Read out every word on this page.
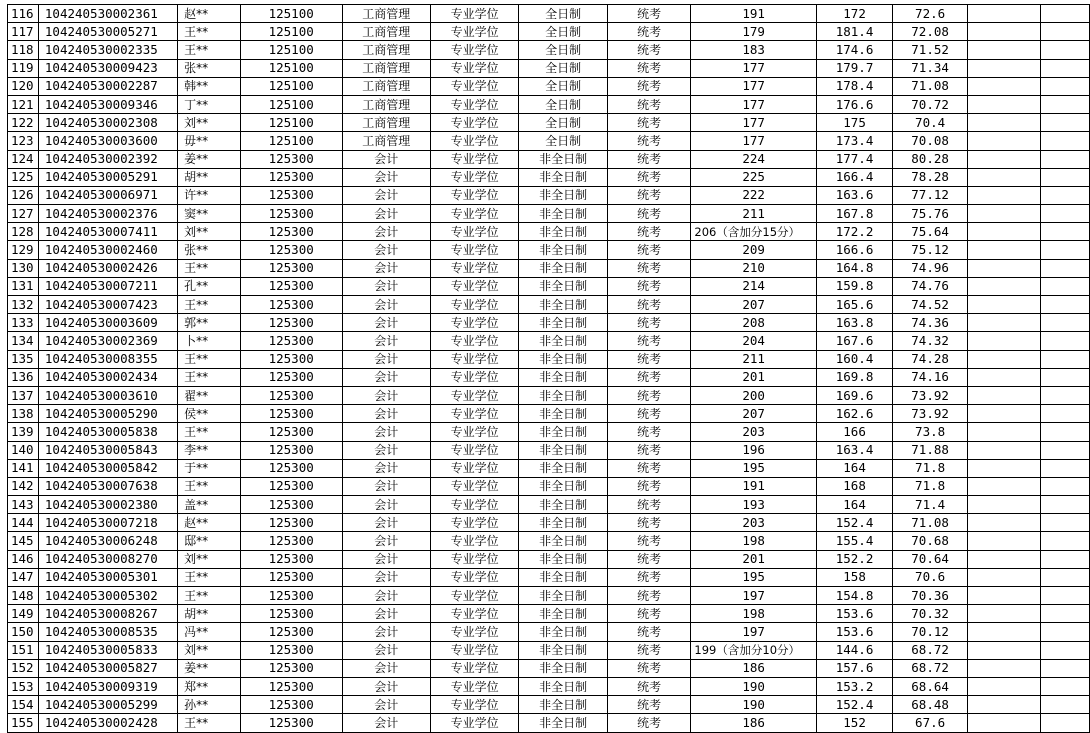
116	104240530002361	赵**	125100	工商管理	专业学位	全日制	统考	191	172	72.6		
117	104240530005271	王**	125100	工商管理	专业学位	全日制	统考	179	181.4	72.08		
118	104240530002335	王**	125100	工商管理	专业学位	全日制	统考	183	174.6	71.52		
119	104240530009423	张**	125100	工商管理	专业学位	全日制	统考	177	179.7	71.34		
120	104240530002287	韩**	125100	工商管理	专业学位	全日制	统考	177	178.4	71.08		
121	104240530009346	丁**	125100	工商管理	专业学位	全日制	统考	177	176.6	70.72		
122	104240530002308	刘**	125100	工商管理	专业学位	全日制	统考	177	175	70.4		
123	104240530003600	毋**	125100	工商管理	专业学位	全日制	统考	177	173.4	70.08		
124	104240530002392	姜**	125300	会计	专业学位	非全日制	统考	224	177.4	80.28		
125	104240530005291	胡**	125300	会计	专业学位	非全日制	统考	225	166.4	78.28		
126	104240530006971	许**	125300	会计	专业学位	非全日制	统考	222	163.6	77.12		
127	104240530002376	窦**	125300	会计	专业学位	非全日制	统考	211	167.8	75.76		
128	104240530007411	刘**	125300	会计	专业学位	非全日制	统考	206（含加分15分）	172.2	75.64		
129	104240530002460	张**	125300	会计	专业学位	非全日制	统考	209	166.6	75.12		
130	104240530002426	王**	125300	会计	专业学位	非全日制	统考	210	164.8	74.96		
131	104240530007211	孔**	125300	会计	专业学位	非全日制	统考	214	159.8	74.76		
132	104240530007423	王**	125300	会计	专业学位	非全日制	统考	207	165.6	74.52		
133	104240530003609	郭**	125300	会计	专业学位	非全日制	统考	208	163.8	74.36		
134	104240530002369	卜**	125300	会计	专业学位	非全日制	统考	204	167.6	74.32		
135	104240530008355	王**	125300	会计	专业学位	非全日制	统考	211	160.4	74.28		
136	104240530002434	王**	125300	会计	专业学位	非全日制	统考	201	169.8	74.16		
137	104240530003610	翟**	125300	会计	专业学位	非全日制	统考	200	169.6	73.92		
138	104240530005290	侯**	125300	会计	专业学位	非全日制	统考	207	162.6	73.92		
139	104240530005838	王**	125300	会计	专业学位	非全日制	统考	203	166	73.8		
140	104240530005843	李**	125300	会计	专业学位	非全日制	统考	196	163.4	71.88		
141	104240530005842	于**	125300	会计	专业学位	非全日制	统考	195	164	71.8		
142	104240530007638	王**	125300	会计	专业学位	非全日制	统考	191	168	71.8		
143	104240530002380	盖**	125300	会计	专业学位	非全日制	统考	193	164	71.4		
144	104240530007218	赵**	125300	会计	专业学位	非全日制	统考	203	152.4	71.08		
145	104240530006248	邸**	125300	会计	专业学位	非全日制	统考	198	155.4	70.68		
146	104240530008270	刘**	125300	会计	专业学位	非全日制	统考	201	152.2	70.64		
147	104240530005301	王**	125300	会计	专业学位	非全日制	统考	195	158	70.6		
148	104240530005302	王**	125300	会计	专业学位	非全日制	统考	197	154.8	70.36		
149	104240530008267	胡**	125300	会计	专业学位	非全日制	统考	198	153.6	70.32		
150	104240530008535	冯**	125300	会计	专业学位	非全日制	统考	197	153.6	70.12		
151	104240530005833	刘**	125300	会计	专业学位	非全日制	统考	199（含加分10分）	144.6	68.72		
152	104240530005827	姜**	125300	会计	专业学位	非全日制	统考	186	157.6	68.72		
153	104240530009319	郑**	125300	会计	专业学位	非全日制	统考	190	153.2	68.64		
154	104240530005299	孙**	125300	会计	专业学位	非全日制	统考	190	152.4	68.48		
155	104240530002428	王**	125300	会计	专业学位	非全日制	统考	186	152	67.6		
